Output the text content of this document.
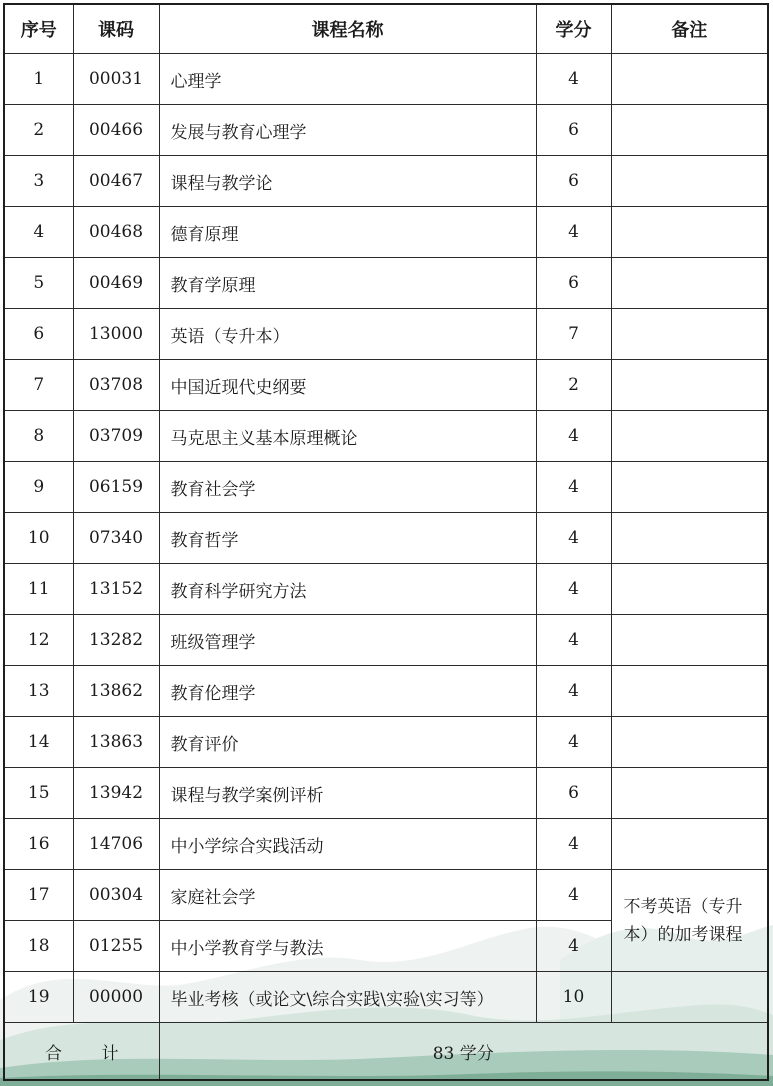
序号	课码	课程名称	学分	备注
1	00031	心理学	4	
2	00466	发展与教育心理学	6	
3	00467	课程与教学论	6	
4	00468	德育原理	4	
5	00469	教育学原理	6	
6	13000	英语（专升本）	7	
7	03708	中国近现代史纲要	2	
8	03709	马克思主义基本原理概论	4	
9	06159	教育社会学	4	
10	07340	教育哲学	4	
11	13152	教育科学研究方法	4	
12	13282	班级管理学	4	
13	13862	教育伦理学	4	
14	13863	教育评价	4	
15	13942	课程与教学案例评析	6	
16	14706	中小学综合实践活动	4	
17	00304	家庭社会学	4	不考英语（专升本）的加考课程
18	01255	中小学教育学与教法	4	
19	00000	毕业考核（或论文\综合实践\实验\实习等）	10	

合 计		83 学分		
